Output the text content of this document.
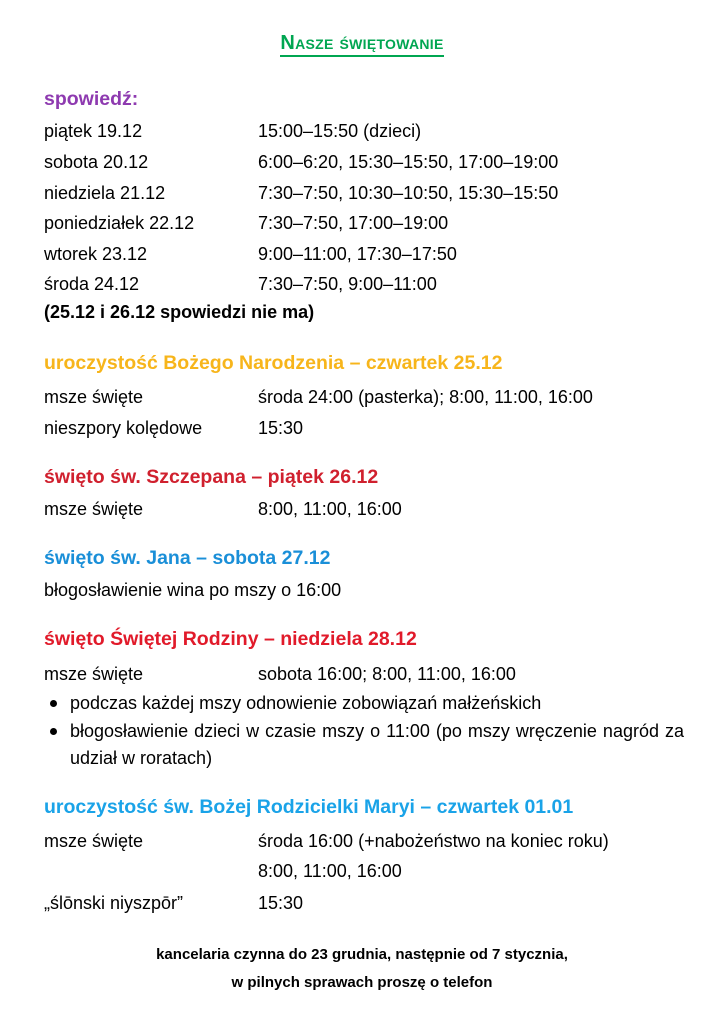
Nasze świętowanie
spowiedź:
piątek 19.12	15:00–15:50 (dzieci)
sobota 20.12	6:00–6:20, 15:30–15:50, 17:00–19:00
niedziela 21.12	7:30–7:50, 10:30–10:50, 15:30–15:50
poniedziałek 22.12	7:30–7:50, 17:00–19:00
wtorek 23.12	9:00–11:00, 17:30–17:50
środa 24.12	7:30–7:50, 9:00–11:00
(25.12 i 26.12 spowiedzi nie ma)
uroczystość Bożego Narodzenia – czwartek 25.12
msze święte	środa 24:00 (pasterka); 8:00, 11:00, 16:00
nieszpory kolędowe	15:30
święto św. Szczepana – piątek 26.12
msze święte	8:00, 11:00, 16:00
święto św. Jana – sobota 27.12
błogosławienie wina po mszy o 16:00
święto Świętej Rodziny – niedziela 28.12
msze święte	sobota 16:00; 8:00, 11:00, 16:00
podczas każdej mszy odnowienie zobowiązań małżeńskich
błogosławienie dzieci w czasie mszy o 11:00 (po mszy wręczenie nagród za udział w roratach)
uroczystość św. Bożej Rodzicielki Maryi – czwartek 01.01
msze święte	środa 16:00 (+nabożeństwo na koniec roku)
8:00, 11:00, 16:00
„ślōnski niyszpōr”	15:30
kancelaria czynna do 23 grudnia, następnie od 7 stycznia,
w pilnych sprawach proszę o telefon
